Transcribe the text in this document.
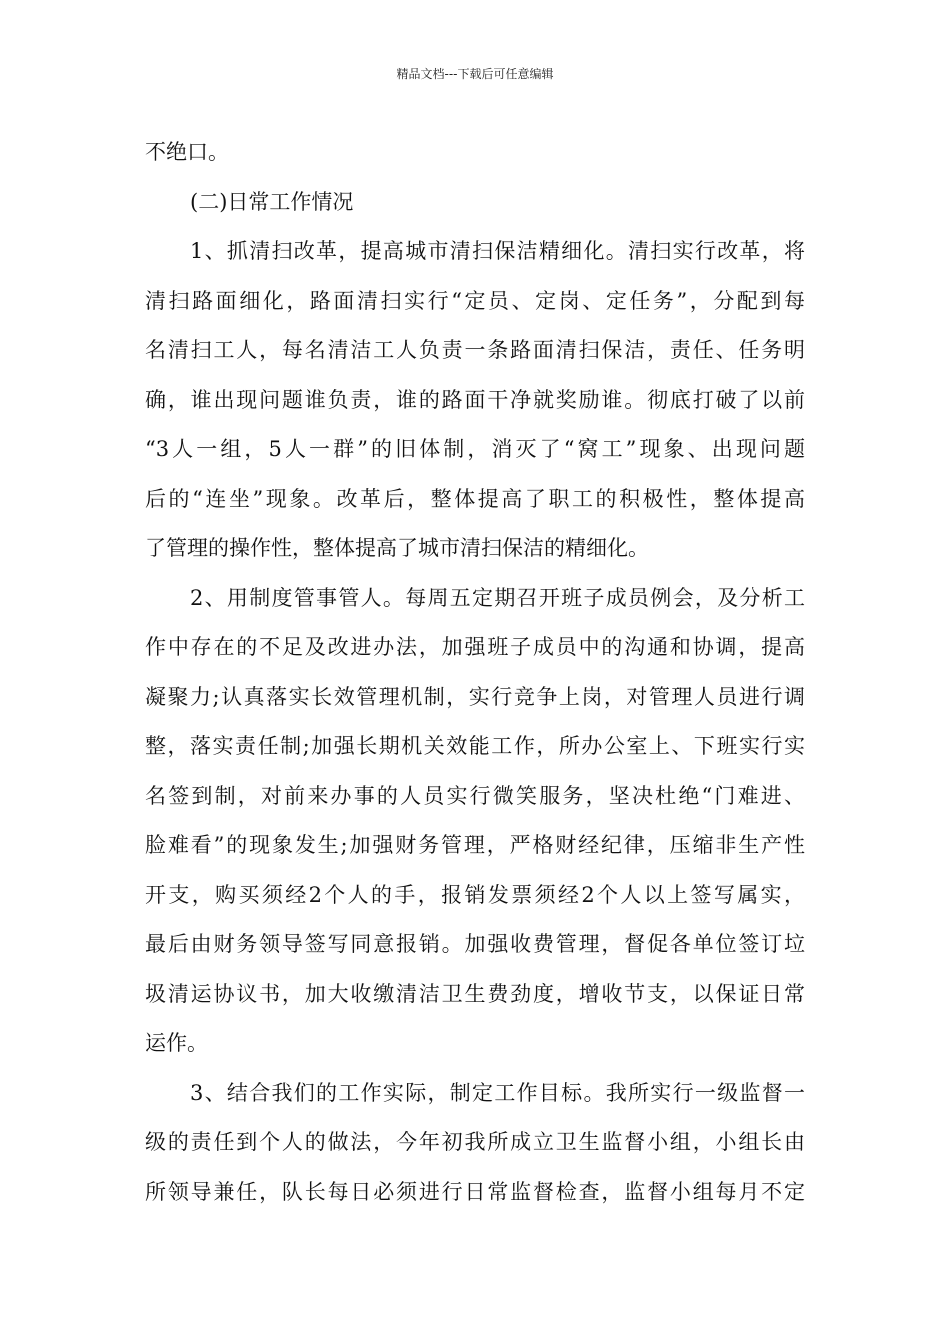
精品文档---下载后可任意编辑
不绝口。
(二)日常工作情况
1、抓清扫改革，提高城市清扫保洁精细化。清扫实行改革，将
清扫路面细化，路面清扫实行“定员、定岗、定任务”，分配到每
名清扫工人，每名清洁工人负责一条路面清扫保洁，责任、任务明
确，谁出现问题谁负责，谁的路面干净就奖励谁。彻底打破了以前
“3人一组，5人一群”的旧体制，消灭了“窝工”现象、出现问题
后的“连坐”现象。改革后，整体提高了职工的积极性，整体提高
了管理的操作性，整体提高了城市清扫保洁的精细化。
2、用制度管事管人。每周五定期召开班子成员例会，及分析工
作中存在的不足及改进办法，加强班子成员中的沟通和协调，提高
凝聚力;认真落实长效管理机制，实行竞争上岗，对管理人员进行调
整，落实责任制;加强长期机关效能工作，所办公室上、下班实行实
名签到制，对前来办事的人员实行微笑服务，坚决杜绝“门难进、
脸难看”的现象发生;加强财务管理，严格财经纪律，压缩非生产性
开支，购买须经2个人的手，报销发票须经2个人以上签写属实，
最后由财务领导签写同意报销。加强收费管理，督促各单位签订垃
圾清运协议书，加大收缴清洁卫生费劲度，增收节支，以保证日常
运作。
3、结合我们的工作实际，制定工作目标。我所实行一级监督一
级的责任到个人的做法，今年初我所成立卫生监督小组，小组长由
所领导兼任，队长每日必须进行日常监督检查，监督小组每月不定
